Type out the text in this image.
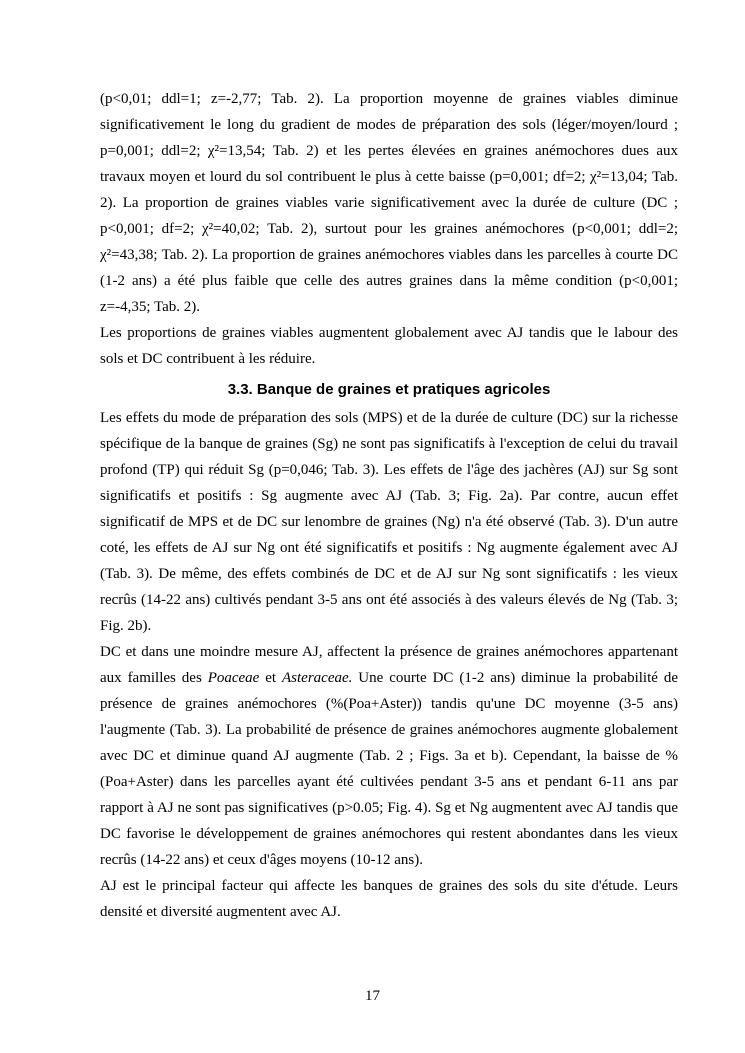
(p<0,01; ddl=1; z=-2,77; Tab. 2). La proportion moyenne de graines viables diminue significativement le long du gradient de modes de préparation des sols (léger/moyen/lourd ; p=0,001; ddl=2; χ²=13,54; Tab. 2) et les pertes élevées en graines anémochores dues aux travaux moyen et lourd du sol contribuent le plus à cette baisse (p=0,001; df=2; χ²=13,04; Tab. 2). La proportion de graines viables varie significativement avec la durée de culture (DC ; p<0,001; df=2; χ²=40,02; Tab. 2), surtout pour les graines anémochores (p<0,001; ddl=2; χ²=43,38; Tab. 2). La proportion de graines anémochores viables dans les parcelles à courte DC (1-2 ans) a été plus faible que celle des autres graines dans la même condition (p<0,001; z=-4,35; Tab. 2).

Les proportions de graines viables augmentent globalement avec AJ tandis que le labour des sols et DC contribuent à les réduire.

3.3. Banque de graines et pratiques agricoles

Les effets du mode de préparation des sols (MPS) et de la durée de culture (DC) sur la richesse spécifique de la banque de graines (Sg) ne sont pas significatifs à l'exception de celui du travail profond (TP) qui réduit Sg (p=0,046; Tab. 3). Les effets de l'âge des jachères (AJ) sur Sg sont significatifs et positifs : Sg augmente avec AJ (Tab. 3; Fig. 2a). Par contre, aucun effet significatif de MPS et de DC sur lenombre de graines (Ng) n'a été observé (Tab. 3). D'un autre coté, les effets de AJ sur Ng ont été significatifs et positifs : Ng augmente également avec AJ (Tab. 3). De même, des effets combinés de DC et de AJ sur Ng sont significatifs : les vieux recrûs (14-22 ans) cultivés pendant 3-5 ans ont été associés à des valeurs élevés de Ng (Tab. 3; Fig. 2b).

DC et dans une moindre mesure AJ, affectent la présence de graines anémochores appartenant aux familles des Poaceae et Asteraceae. Une courte DC (1-2 ans) diminue la probabilité de présence de graines anémochores (%(Poa+Aster)) tandis qu'une DC moyenne (3-5 ans) l'augmente (Tab. 3). La probabilité de présence de graines anémochores augmente globalement avec DC et diminue quand AJ augmente (Tab. 2 ; Figs. 3a et b). Cependant, la baisse de %(Poa+Aster) dans les parcelles ayant été cultivées pendant 3-5 ans et pendant 6-11 ans par rapport à AJ ne sont pas significatives (p>0.05; Fig. 4). Sg et Ng augmentent avec AJ tandis que DC favorise le développement de graines anémochores qui restent abondantes dans les vieux recrûs (14-22 ans) et ceux d'âges moyens (10-12 ans).

AJ est le principal facteur qui affecte les banques de graines des sols du site d'étude. Leurs densité et diversité augmentent avec AJ.

17
